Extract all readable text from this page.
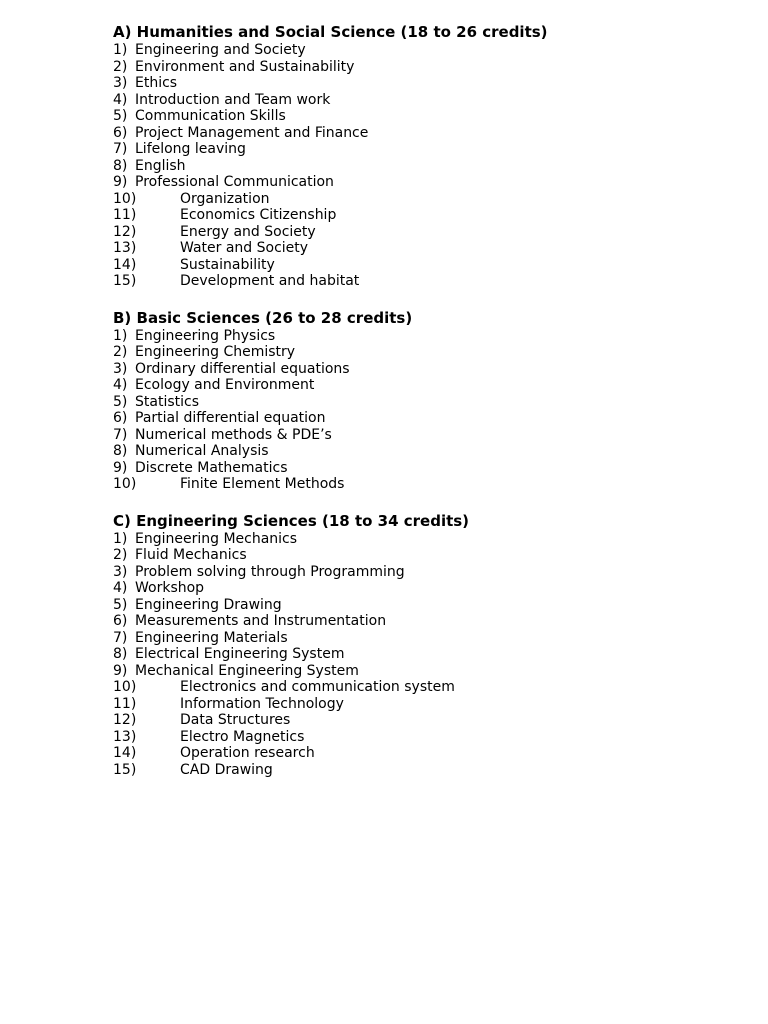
A) Humanities and Social Science (18 to 26 credits)
1) Engineering and Society
2) Environment and Sustainability
3) Ethics
4) Introduction and Team work
5) Communication Skills
6) Project Management and Finance
7) Lifelong leaving
8) English
9) Professional Communication
10)	Organization
11)	Economics Citizenship
12)	Energy and Society
13)	Water and Society
14)	Sustainability
15)	Development and habitat
B) Basic Sciences (26 to 28 credits)
1) Engineering Physics
2) Engineering Chemistry
3) Ordinary differential equations
4) Ecology and Environment
5) Statistics
6) Partial differential equation
7) Numerical methods & PDE’s
8) Numerical Analysis
9) Discrete Mathematics
10)	Finite Element Methods
C) Engineering Sciences (18 to 34 credits)
1) Engineering Mechanics
2) Fluid Mechanics
3) Problem solving through Programming
4) Workshop
5) Engineering Drawing
6) Measurements and Instrumentation
7) Engineering Materials
8) Electrical Engineering System
9) Mechanical Engineering System
10)	Electronics and communication system
11)	Information Technology
12)	Data Structures
13)	Electro Magnetics
14)	Operation research
15)	CAD Drawing
